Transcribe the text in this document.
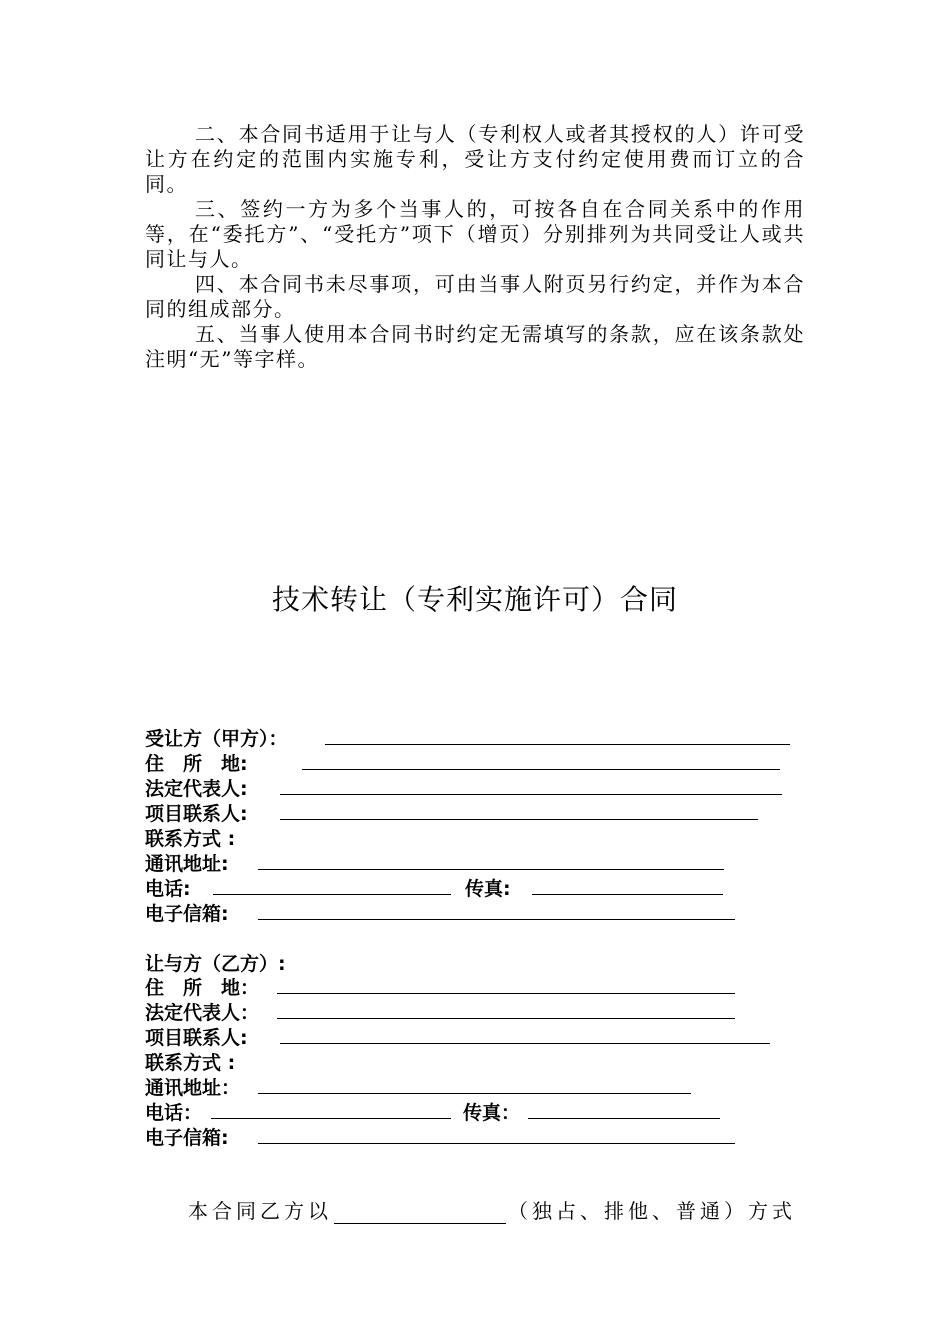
二、本合同书适用于让与人（专利权人或者其授权的人）许可受让方在约定的范围内实施专利，受让方支付约定使用费而订立的合同。

三、签约一方为多个当事人的，可按各自在合同关系中的作用等，在“委托方”、“受托方”项下（增页）分别排列为共同受让人或共同让与人。

四、本合同书未尽事项，可由当事人附页另行约定，并作为本合同的组成部分。

五、当事人使用本合同书时约定无需填写的条款，应在该条款处注明“无”等字样。

技术转让（专利实施许可）合同
受让方（甲方）：
住　所　地:
法定代表人:
项目联系人:
联系方式 :
通讯地址:
电话:	传真:
电子信箱:
让与方（乙方）:
住　所　地：
法定代表人：
项目联系人:
联系方式 :
通讯地址：
电话：	传真：
电子信箱:
本合同乙方以	（独占、排他、普通）方式
